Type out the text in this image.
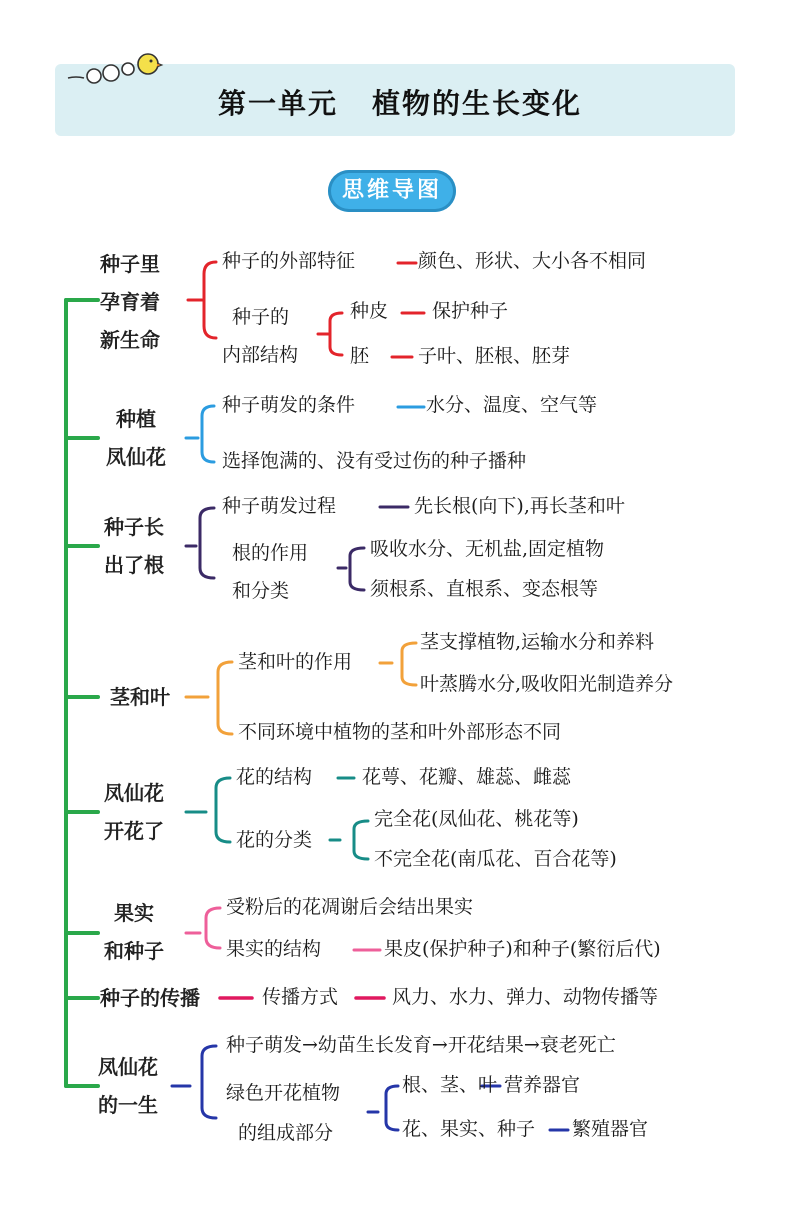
第一单元 植物的生长变化
思维导图
种子里
孕育着
新生命
种子的外部特征	颜色、形状、大小各不相同
种子的
内部结构
种皮 保护种子
胚	子叶、胚根、胚芽
种植
凤仙花
种子萌发的条件	水分、温度、空气等
选择饱满的、没有受过伤的种子播种
种子长
出了根
种子萌发过程	先长根(向下),再长茎和叶
根的作用
和分类
吸收水分、无机盐,固定植物
须根系、直根系、变态根等
茎和叶
茎和叶的作用
茎支撑植物,运输水分和养料
叶蒸腾水分,吸收阳光制造养分
不同环境中植物的茎和叶外部形态不同
凤仙花
开花了
花的结构	花萼、花瓣、雄蕊、雌蕊
花的分类
完全花(凤仙花、桃花等)
不完全花(南瓜花、百合花等)
果实
和种子
受粉后的花凋谢后会结出果实
果实的结构	果皮(保护种子)和种子(繁衍后代)
种子的传播	传播方式	风力、水力、弹力、动物传播等
凤仙花
的一生
种子萌发→幼苗生长发育→开花结果→衰老死亡
绿色开花植物
的组成部分
根、茎、叶 营养器官
花、果实、种子 繁殖器官
